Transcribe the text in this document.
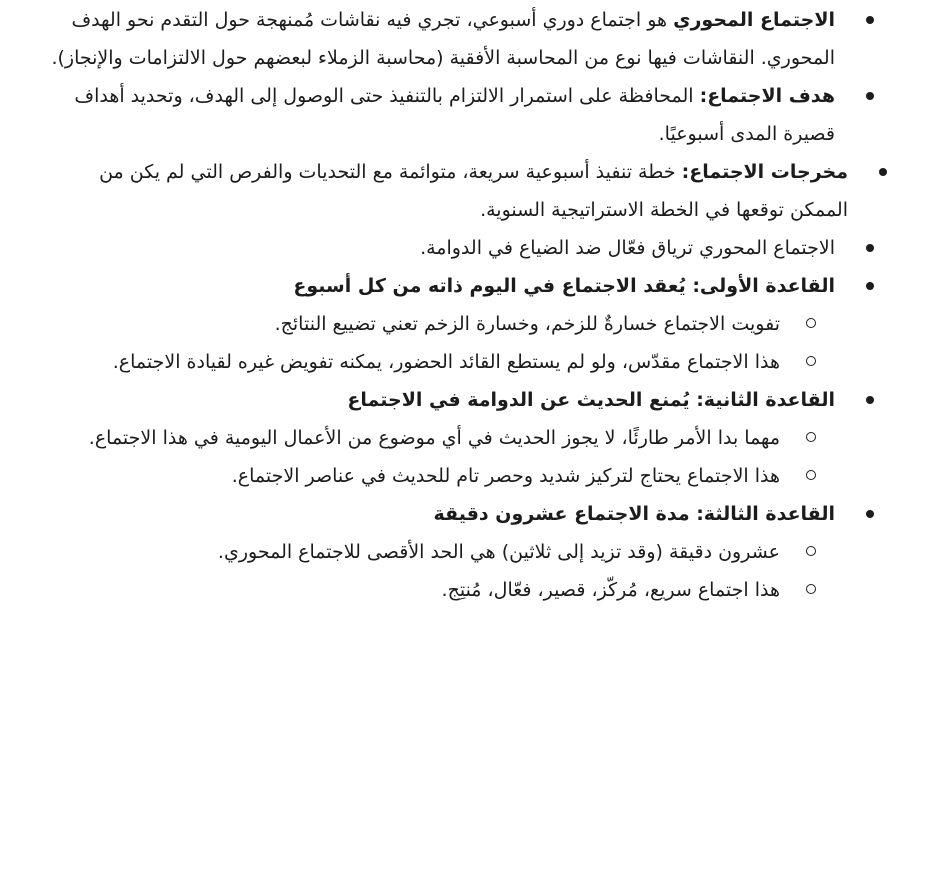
الاجتماع المحوري هو اجتماع دوري أسبوعي، تجري فيه نقاشات مُمنهجة حول التقدم نحو الهدف المحوري. النقاشات فيها نوع من المحاسبة الأفقية (محاسبة الزملاء لبعضهم حول الالتزامات والإنجاز).
هدف الاجتماع: المحافظة على استمرار الالتزام بالتنفيذ حتى الوصول إلى الهدف، وتحديد أهداف قصيرة المدى أسبوعيًا.
مخرجات الاجتماع: خطة تنفيذ أسبوعية سريعة، متوائمة مع التحديات والفرص التي لم يكن من الممكن توقعها في الخطة الاستراتيجية السنوية.
الاجتماع المحوري ترياق فعّال ضد الضياع في الدوامة.
القاعدة الأولى: يُعقد الاجتماع في اليوم ذاته من كل أسبوع
تفويت الاجتماع خسارةٌ للزخم، وخسارة الزخم تعني تضييع النتائج.
هذا الاجتماع مقدّس، ولو لم يستطع القائد الحضور، يمكنه تفويض غيره لقيادة الاجتماع.
القاعدة الثانية: يُمنع الحديث عن الدوامة في الاجتماع
مهما بدا الأمر طارئًا، لا يجوز الحديث في أي موضوع من الأعمال اليومية في هذا الاجتماع.
هذا الاجتماع يحتاج لتركيز شديد وحصر تام للحديث في عناصر الاجتماع.
القاعدة الثالثة: مدة الاجتماع عشرون دقيقة
عشرون دقيقة (وقد تزيد إلى ثلاثين) هي الحد الأقصى للاجتماع المحوري.
هذا اجتماع سريع، مُركّز، قصير، فعّال، مُنتِج.
